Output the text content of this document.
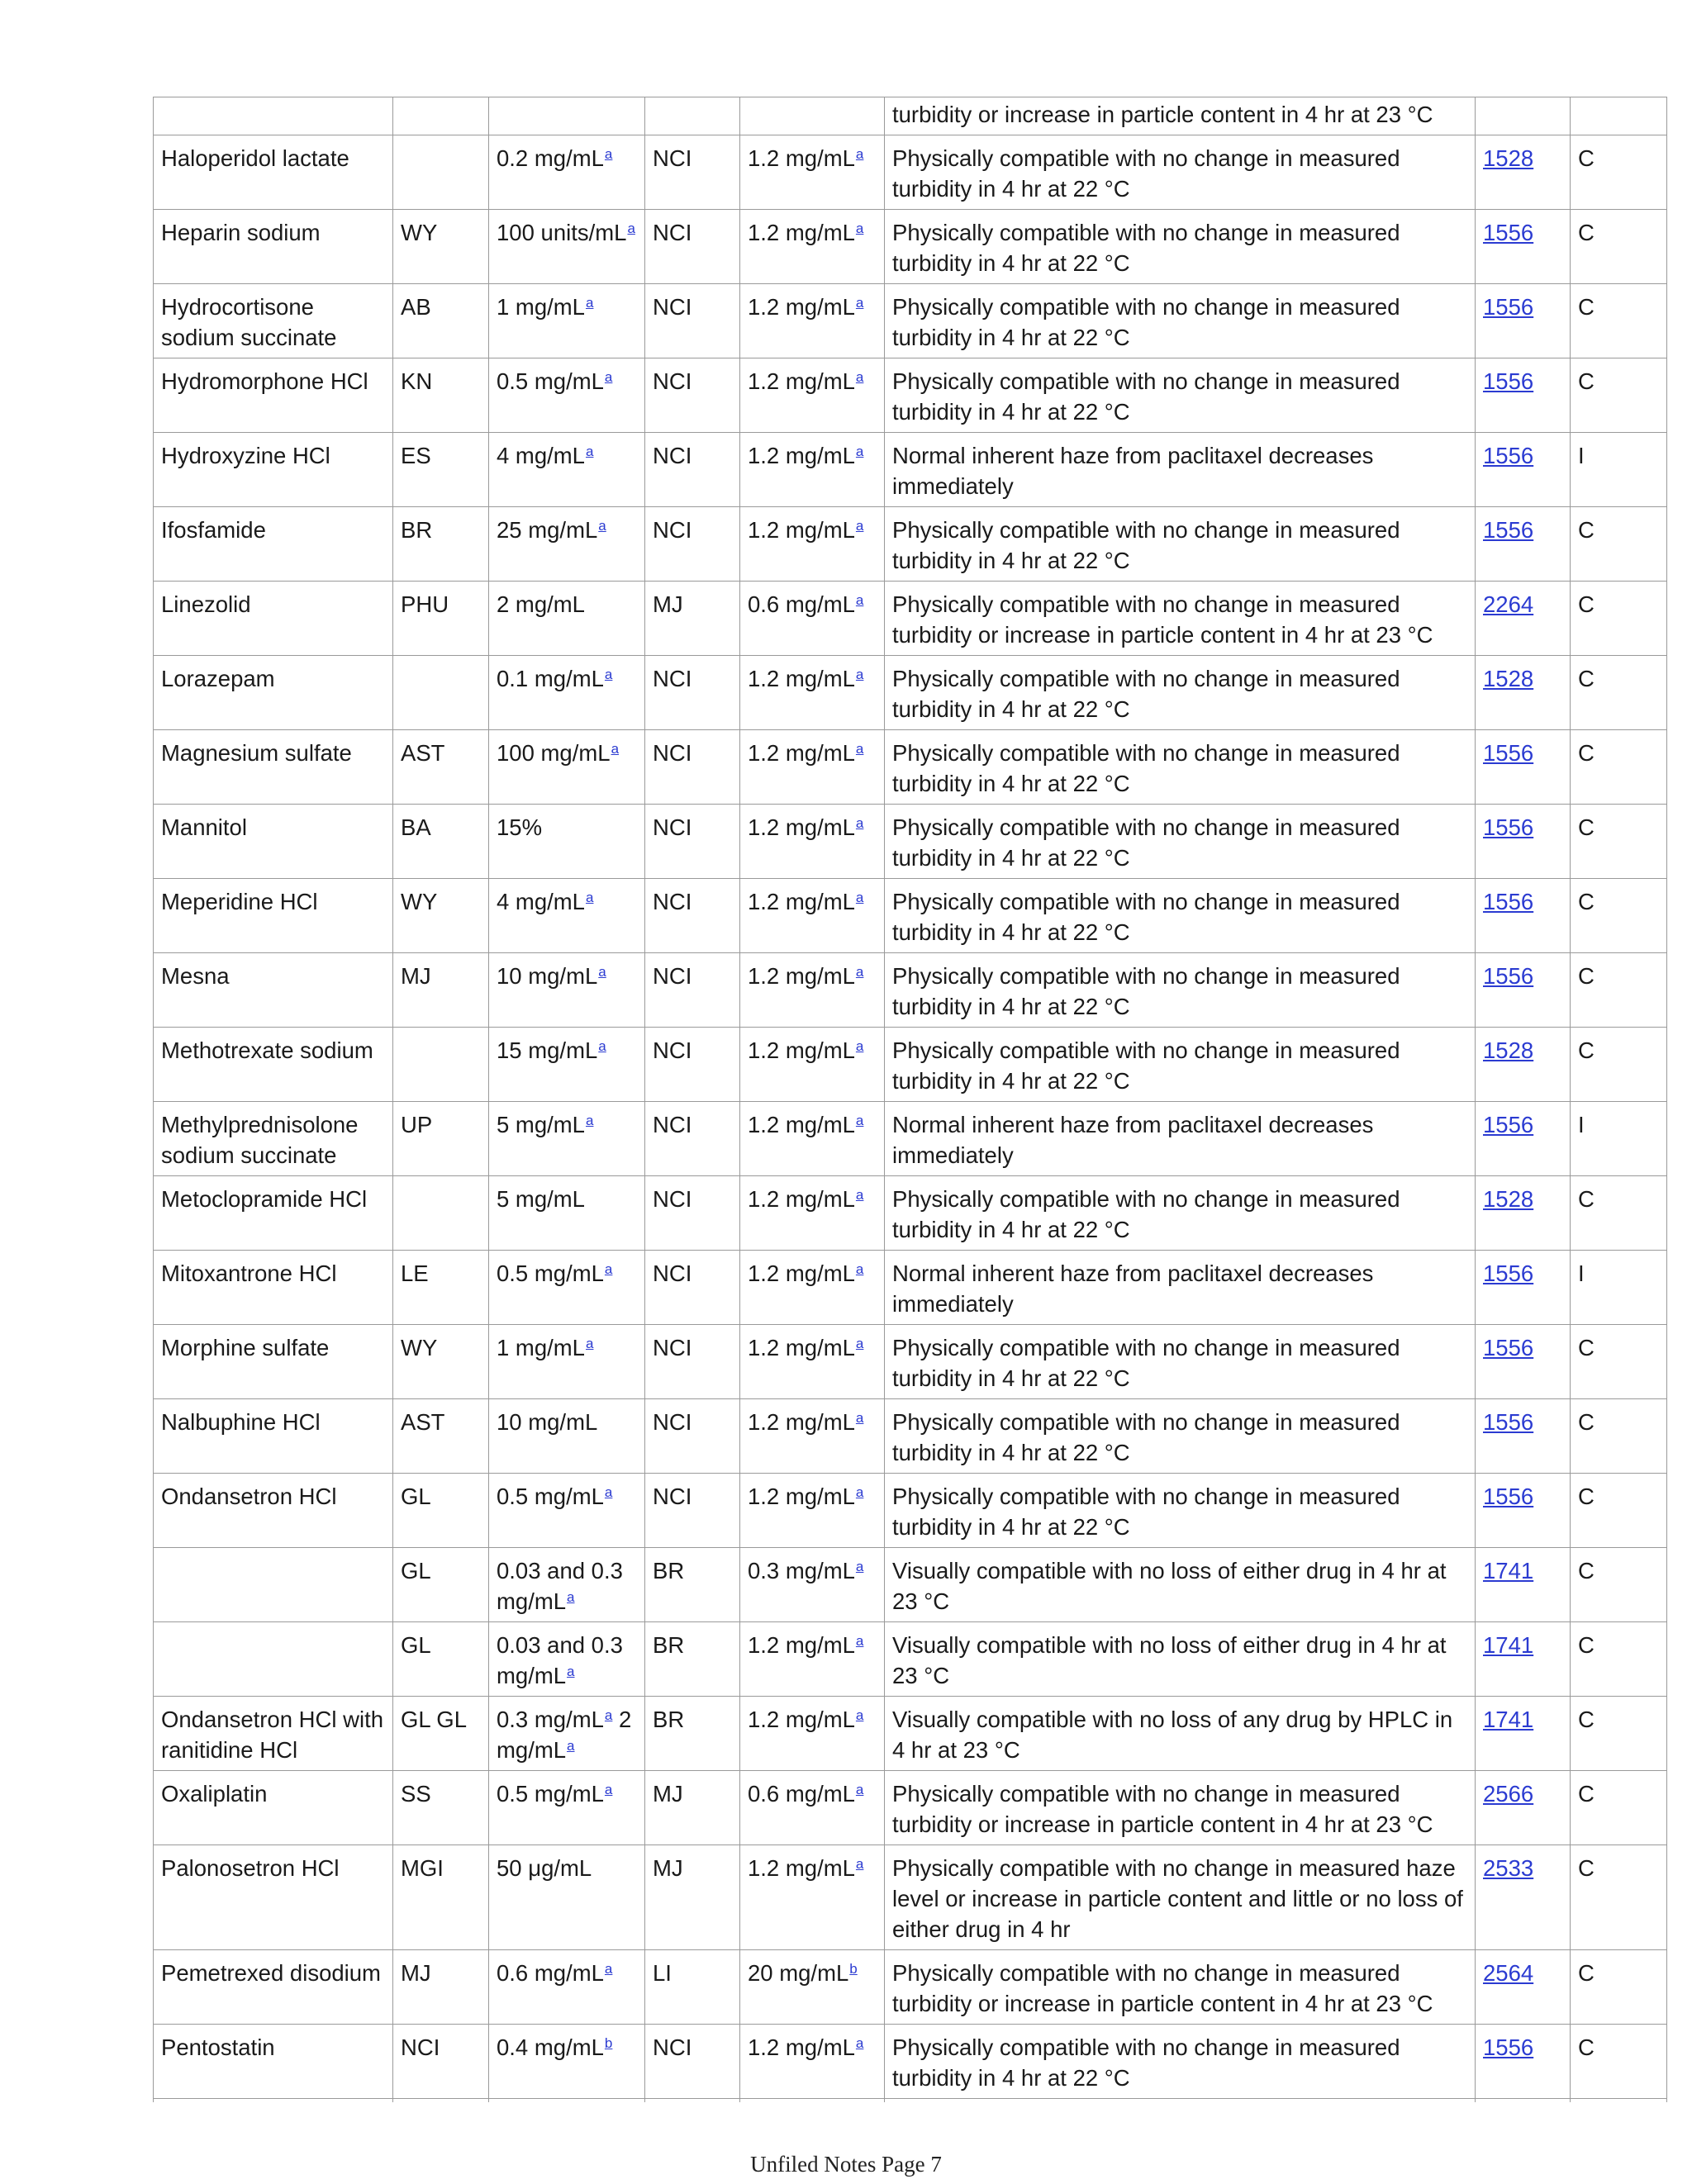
					turbidity or increase in particle content in 4 hr at 23 °C		
Haloperidol lactate		0.2 mg/mL$^a$	NCI	1.2 mg/mL$^a$	Physically compatible with no change in measured turbidity in 4 hr at 22 °C	1528	C
Heparin sodium	WY	100 units/mL$^a$	NCI	1.2 mg/mL$^a$	Physically compatible with no change in measured turbidity in 4 hr at 22 °C	1556	C
Hydrocortisone sodium succinate	AB	1 mg/mL$^a$	NCI	1.2 mg/mL$^a$	Physically compatible with no change in measured turbidity in 4 hr at 22 °C	1556	C
Hydromorphone HCl	KN	0.5 mg/mL$^a$	NCI	1.2 mg/mL$^a$	Physically compatible with no change in measured turbidity in 4 hr at 22 °C	1556	C
Hydroxyzine HCl	ES	4 mg/mL$^a$	NCI	1.2 mg/mL$^a$	Normal inherent haze from paclitaxel decreases immediately	1556	I
Ifosfamide	BR	25 mg/mL$^a$	NCI	1.2 mg/mL$^a$	Physically compatible with no change in measured turbidity in 4 hr at 22 °C	1556	C
Linezolid	PHU	2 mg/mL	MJ	0.6 mg/mL$^a$	Physically compatible with no change in measured turbidity or increase in particle content in 4 hr at 23 °C	2264	C
Lorazepam		0.1 mg/mL$^a$	NCI	1.2 mg/mL$^a$	Physically compatible with no change in measured turbidity in 4 hr at 22 °C	1528	C
Magnesium sulfate	AST	100 mg/mL$^a$	NCI	1.2 mg/mL$^a$	Physically compatible with no change in measured turbidity in 4 hr at 22 °C	1556	C
Mannitol	BA	15%	NCI	1.2 mg/mL$^a$	Physically compatible with no change in measured turbidity in 4 hr at 22 °C	1556	C
Meperidine HCl	WY	4 mg/mL$^a$	NCI	1.2 mg/mL$^a$	Physically compatible with no change in measured turbidity in 4 hr at 22 °C	1556	C
Mesna	MJ	10 mg/mL$^a$	NCI	1.2 mg/mL$^a$	Physically compatible with no change in measured turbidity in 4 hr at 22 °C	1556	C
Methotrexate sodium		15 mg/mL$^a$	NCI	1.2 mg/mL$^a$	Physically compatible with no change in measured turbidity in 4 hr at 22 °C	1528	C
Methylprednisolone sodium succinate	UP	5 mg/mL$^a$	NCI	1.2 mg/mL$^a$	Normal inherent haze from paclitaxel decreases immediately	1556	I
Metoclopramide HCl		5 mg/mL	NCI	1.2 mg/mL$^a$	Physically compatible with no change in measured turbidity in 4 hr at 22 °C	1528	C
Mitoxantrone HCl	LE	0.5 mg/mL$^a$	NCI	1.2 mg/mL$^a$	Normal inherent haze from paclitaxel decreases immediately	1556	I
Morphine sulfate	WY	1 mg/mL$^a$	NCI	1.2 mg/mL$^a$	Physically compatible with no change in measured turbidity in 4 hr at 22 °C	1556	C
Nalbuphine HCl	AST	10 mg/mL	NCI	1.2 mg/mL$^a$	Physically compatible with no change in measured turbidity in 4 hr at 22 °C	1556	C
Ondansetron HCl	GL	0.5 mg/mL$^a$	NCI	1.2 mg/mL$^a$	Physically compatible with no change in measured turbidity in 4 hr at 22 °C	1556	C
	GL	0.03 and 0.3 mg/mL$^a$	BR	0.3 mg/mL$^a$	Visually compatible with no loss of either drug in 4 hr at 23 °C	1741	C
	GL	0.03 and 0.3 mg/mL$^a$	BR	1.2 mg/mL$^a$	Visually compatible with no loss of either drug in 4 hr at 23 °C	1741	C
Ondansetron HCl with ranitidine HCl	GL GL	0.3 mg/mL$^a$ 2 mg/mL$^a$	BR	1.2 mg/mL$^a$	Visually compatible with no loss of any drug by HPLC in 4 hr at 23 °C	1741	C
Oxaliplatin	SS	0.5 mg/mL$^a$	MJ	0.6 mg/mL$^a$	Physically compatible with no change in measured turbidity or increase in particle content in 4 hr at 23 °C	2566	C
Palonosetron HCl	MGI	50 μg/mL	MJ	1.2 mg/mL$^a$	Physically compatible with no change in measured haze level or increase in particle content and little or no loss of either drug in 4 hr	2533	C
Pemetrexed disodium	MJ	0.6 mg/mL$^a$	LI	20 mg/mL$^b$	Physically compatible with no change in measured turbidity or increase in particle content in 4 hr at 23 °C	2564	C
Pentostatin	NCI	0.4 mg/mL$^b$	NCI	1.2 mg/mL$^a$	Physically compatible with no change in measured turbidity in 4 hr at 22 °C	1556	C

Unfiled Notes Page 7
